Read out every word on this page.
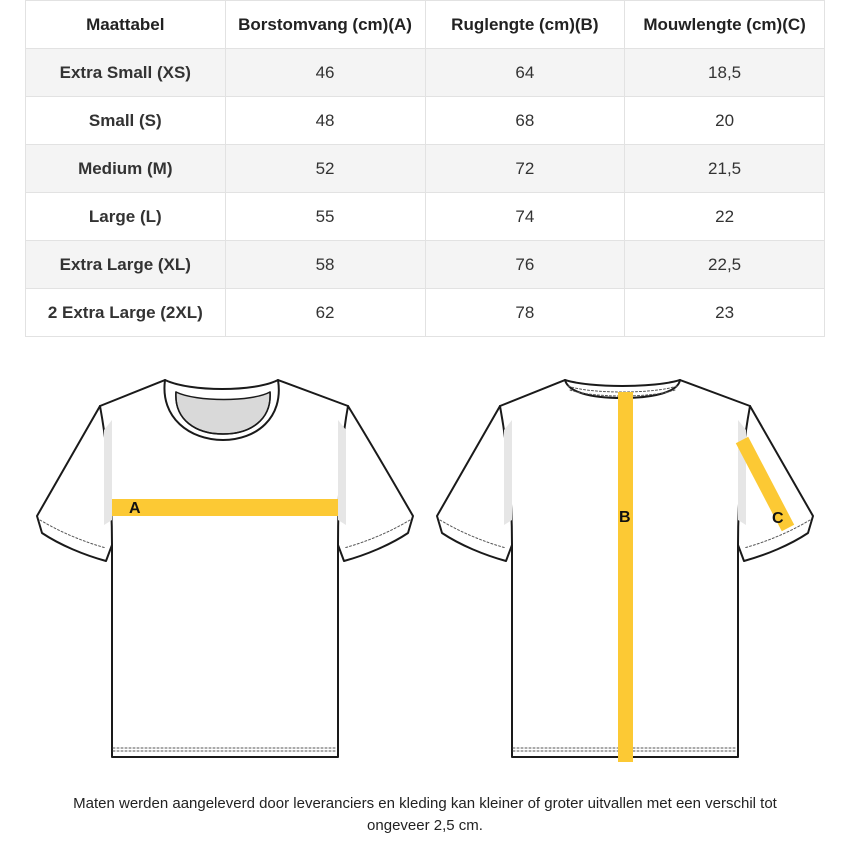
Maattabel	Borstomvang (cm)(A)	Ruglengte (cm)(B)	Mouwlengte (cm)(C)
Extra Small (XS)	46	64	18,5
Small (S)	48	68	20
Medium (M)	52	72	21,5
Large (L)	55	74	22
Extra Large (XL)	58	76	22,5
2 Extra Large (2XL)	62	78	23
A
B	C
Maten werden aangeleverd door leveranciers en kleding kan kleiner of groter uitvallen met een verschil tot ongeveer 2,5 cm.
